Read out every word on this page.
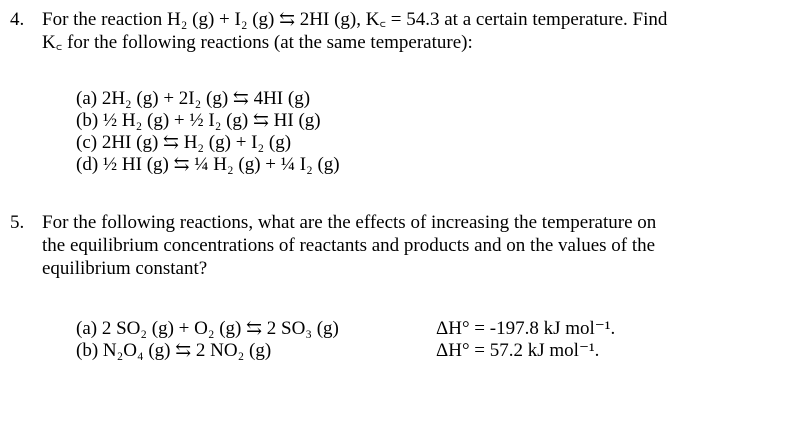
4. For the reaction H₂ (g) + I₂ (g) ⇆ 2HI (g), K꜀ = 54.3 at a certain temperature. Find
K꜀ for the following reactions (at the same temperature):
(a) 2H₂ (g) + 2I₂ (g) ⇆ 4HI (g)
(b) ½ H₂ (g) + ½ I₂ (g) ⇆ HI (g)
(c) 2HI (g) ⇆ H₂ (g) + I₂ (g)
(d) ½ HI (g) ⇆ ¼ H₂ (g) + ¼ I₂ (g)
5. For the following reactions, what are the effects of increasing the temperature on
the equilibrium concentrations of reactants and products and on the values of the
equilibrium constant?
(a) 2 SO₂ (g) + O₂ (g) ⇆ 2 SO₃ (g)	ΔH° = -197.8 kJ mol⁻¹.
(b) N₂O₄ (g) ⇆ 2 NO₂ (g)	ΔH° = 57.2 kJ mol⁻¹.
